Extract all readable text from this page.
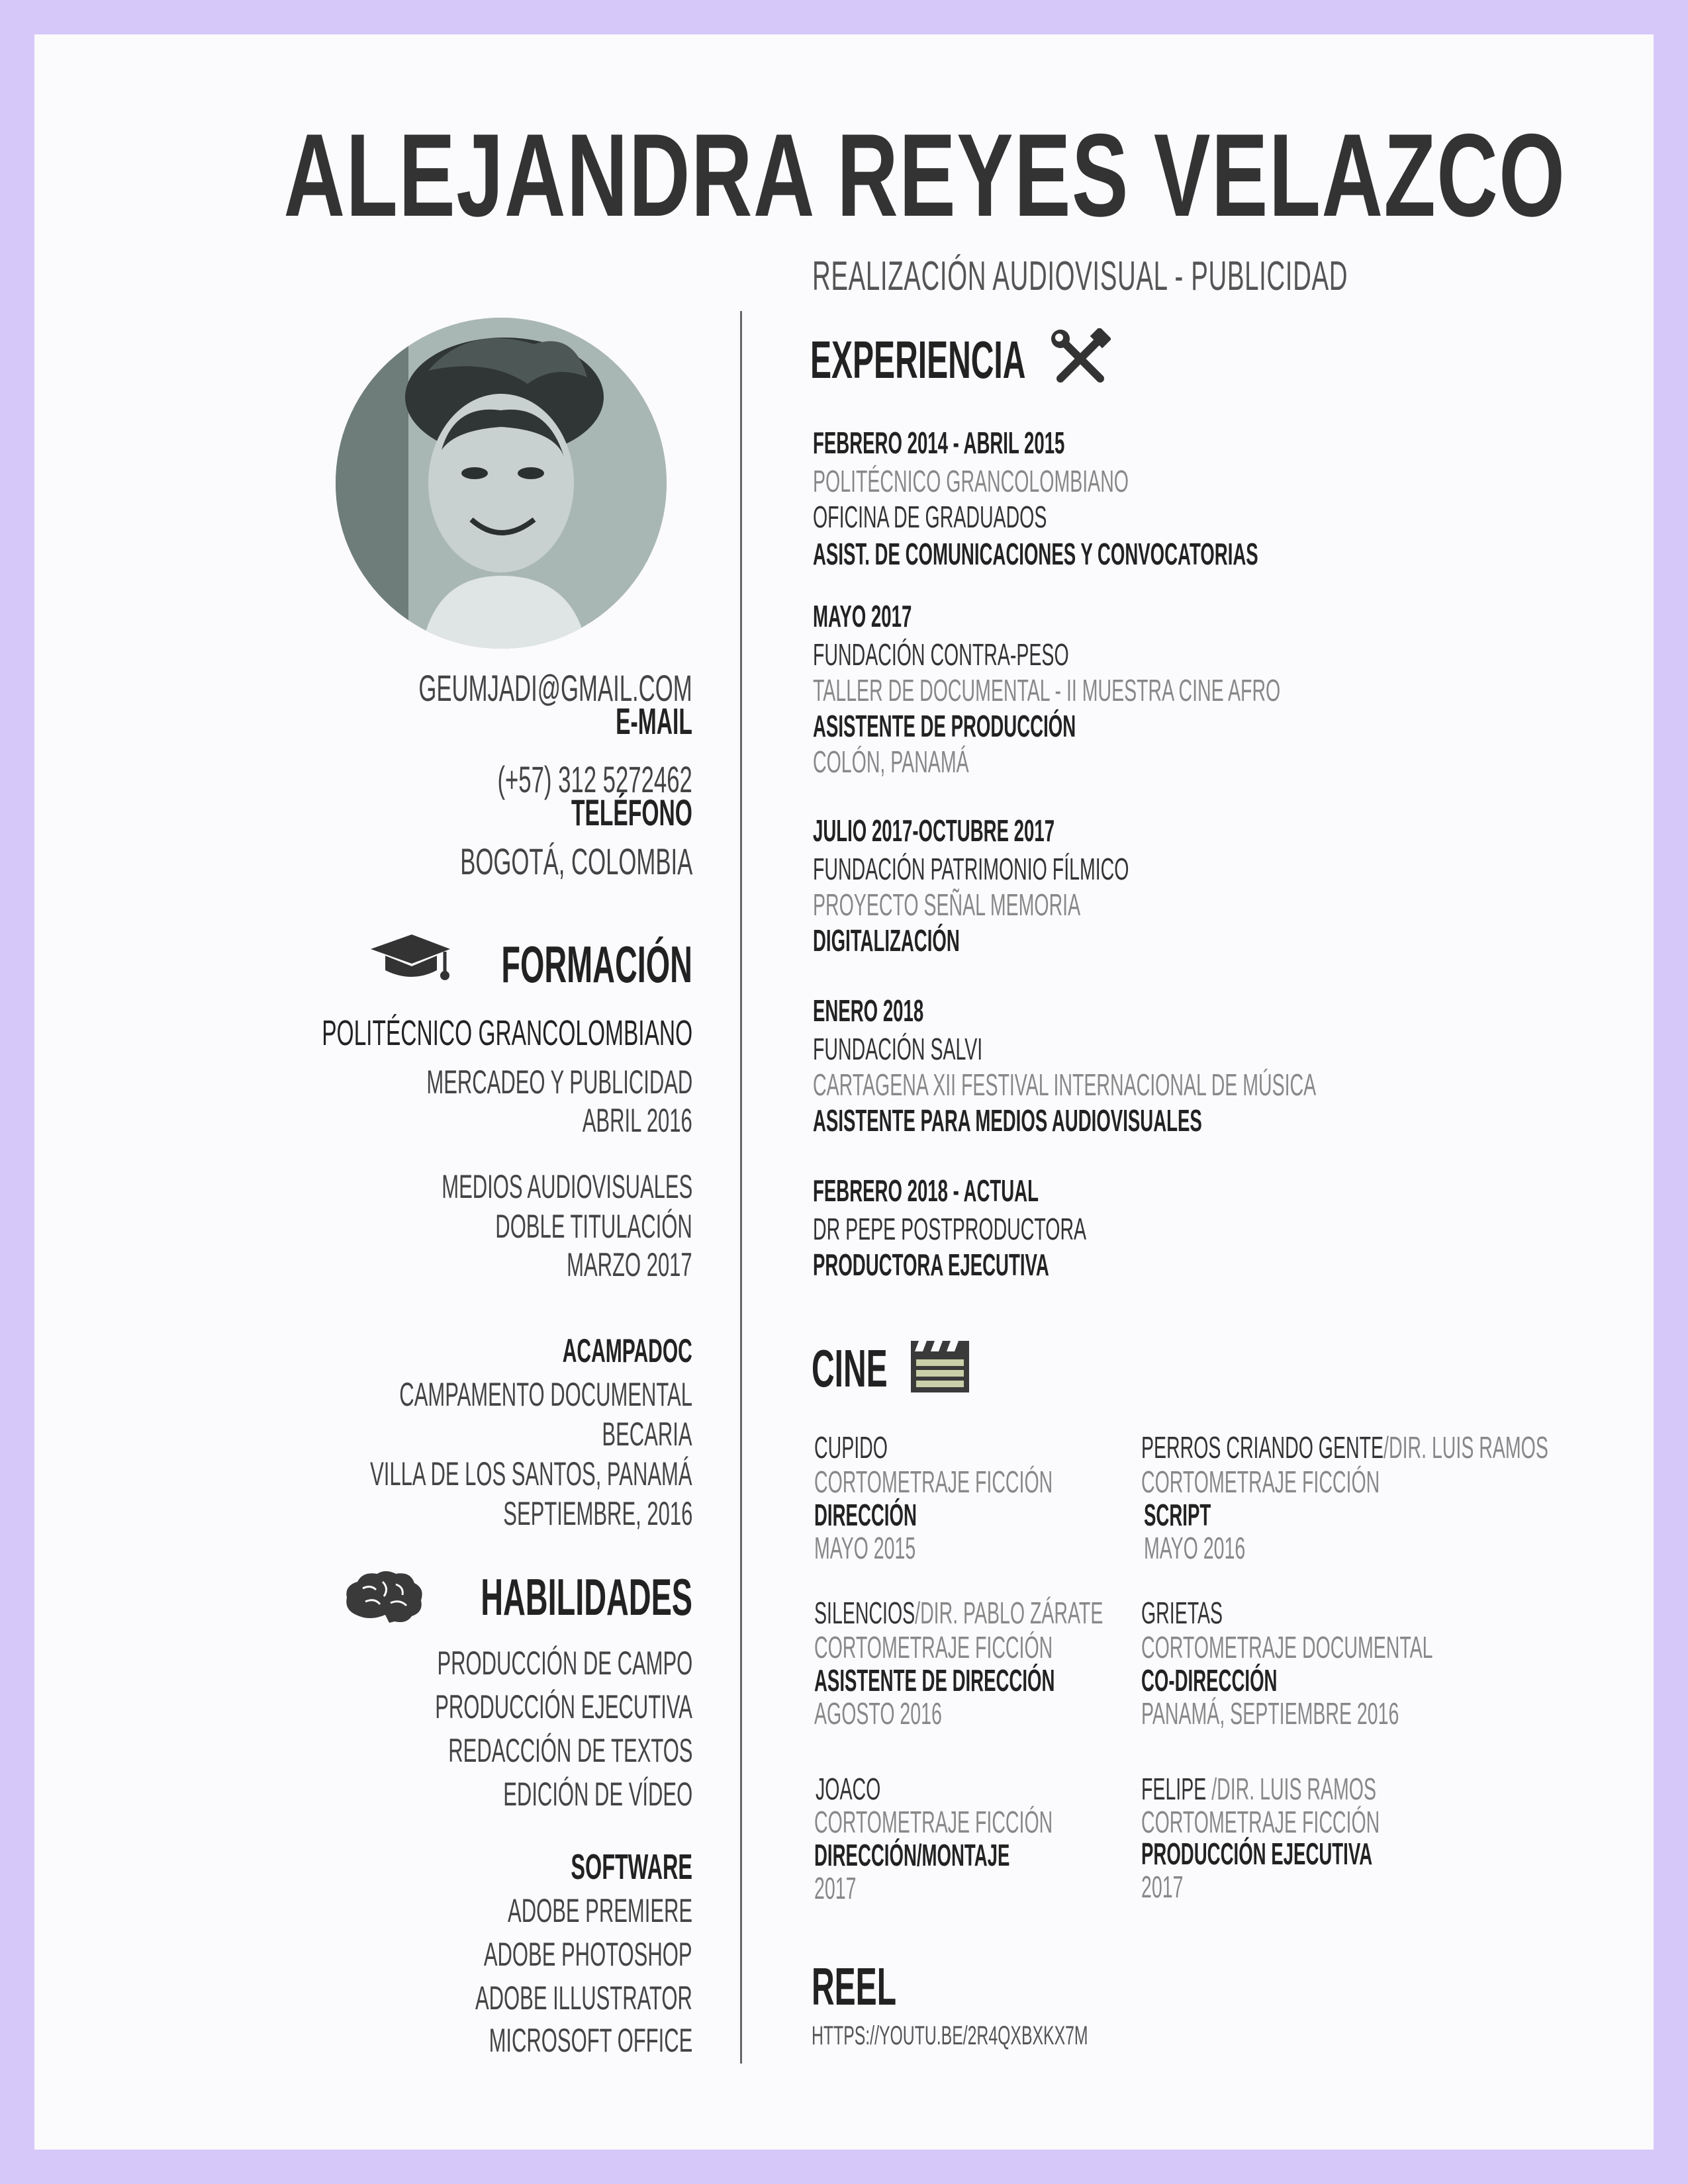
ALEJANDRA REYES VELAZCO
REALIZACIÓN AUDIOVISUAL - PUBLICIDAD
GEUMJADI@GMAIL.COM
E-MAIL
(+57) 312 5272462
TELÉFONO
BOGOTÁ, COLOMBIA
FORMACIÓN
POLITÉCNICO GRANCOLOMBIANO
MERCADEO Y PUBLICIDAD
ABRIL 2016
MEDIOS AUDIOVISUALES
DOBLE TITULACIÓN
MARZO 2017
ACAMPADOC
CAMPAMENTO DOCUMENTAL
BECARIA
VILLA DE LOS SANTOS, PANAMÁ
SEPTIEMBRE, 2016
HABILIDADES
PRODUCCIÓN DE CAMPO
PRODUCCIÓN EJECUTIVA
REDACCIÓN DE TEXTOS
EDICIÓN DE VÍDEO
SOFTWARE
ADOBE PREMIERE
ADOBE PHOTOSHOP
ADOBE ILLUSTRATOR
MICROSOFT OFFICE
EXPERIENCIA
FEBRERO 2014 - ABRIL 2015
POLITÉCNICO GRANCOLOMBIANO
OFICINA DE GRADUADOS
ASIST. DE COMUNICACIONES Y CONVOCATORIAS
MAYO 2017
FUNDACIÓN CONTRA-PESO
TALLER DE DOCUMENTAL - II MUESTRA CINE AFRO
ASISTENTE DE PRODUCCIÓN
COLÓN, PANAMÁ
JULIO 2017-OCTUBRE 2017
FUNDACIÓN PATRIMONIO FÍLMICO
PROYECTO SEÑAL MEMORIA
DIGITALIZACIÓN
ENERO 2018
FUNDACIÓN SALVI
CARTAGENA XII FESTIVAL INTERNACIONAL DE MÚSICA
ASISTENTE PARA MEDIOS AUDIOVISUALES
FEBRERO 2018 - ACTUAL
DR PEPE POSTPRODUCTORA
PRODUCTORA EJECUTIVA
CINE
CUPIDO
CORTOMETRAJE FICCIÓN
DIRECCIÓN
MAYO 2015
PERROS CRIANDO GENTE/DIR. LUIS RAMOS
CORTOMETRAJE FICCIÓN
SCRIPT
MAYO 2016
SILENCIOS/DIR. PABLO ZÁRATE
CORTOMETRAJE FICCIÓN
ASISTENTE DE DIRECCIÓN
AGOSTO 2016
GRIETAS
CORTOMETRAJE DOCUMENTAL
CO-DIRECCIÓN
PANAMÁ, SEPTIEMBRE 2016
JOACO
CORTOMETRAJE FICCIÓN
DIRECCIÓN/MONTAJE
2017
FELIPE /DIR. LUIS RAMOS
CORTOMETRAJE FICCIÓN
PRODUCCIÓN EJECUTIVA
2017
REEL
HTTPS://YOUTU.BE/2R4QXBXKX7M
